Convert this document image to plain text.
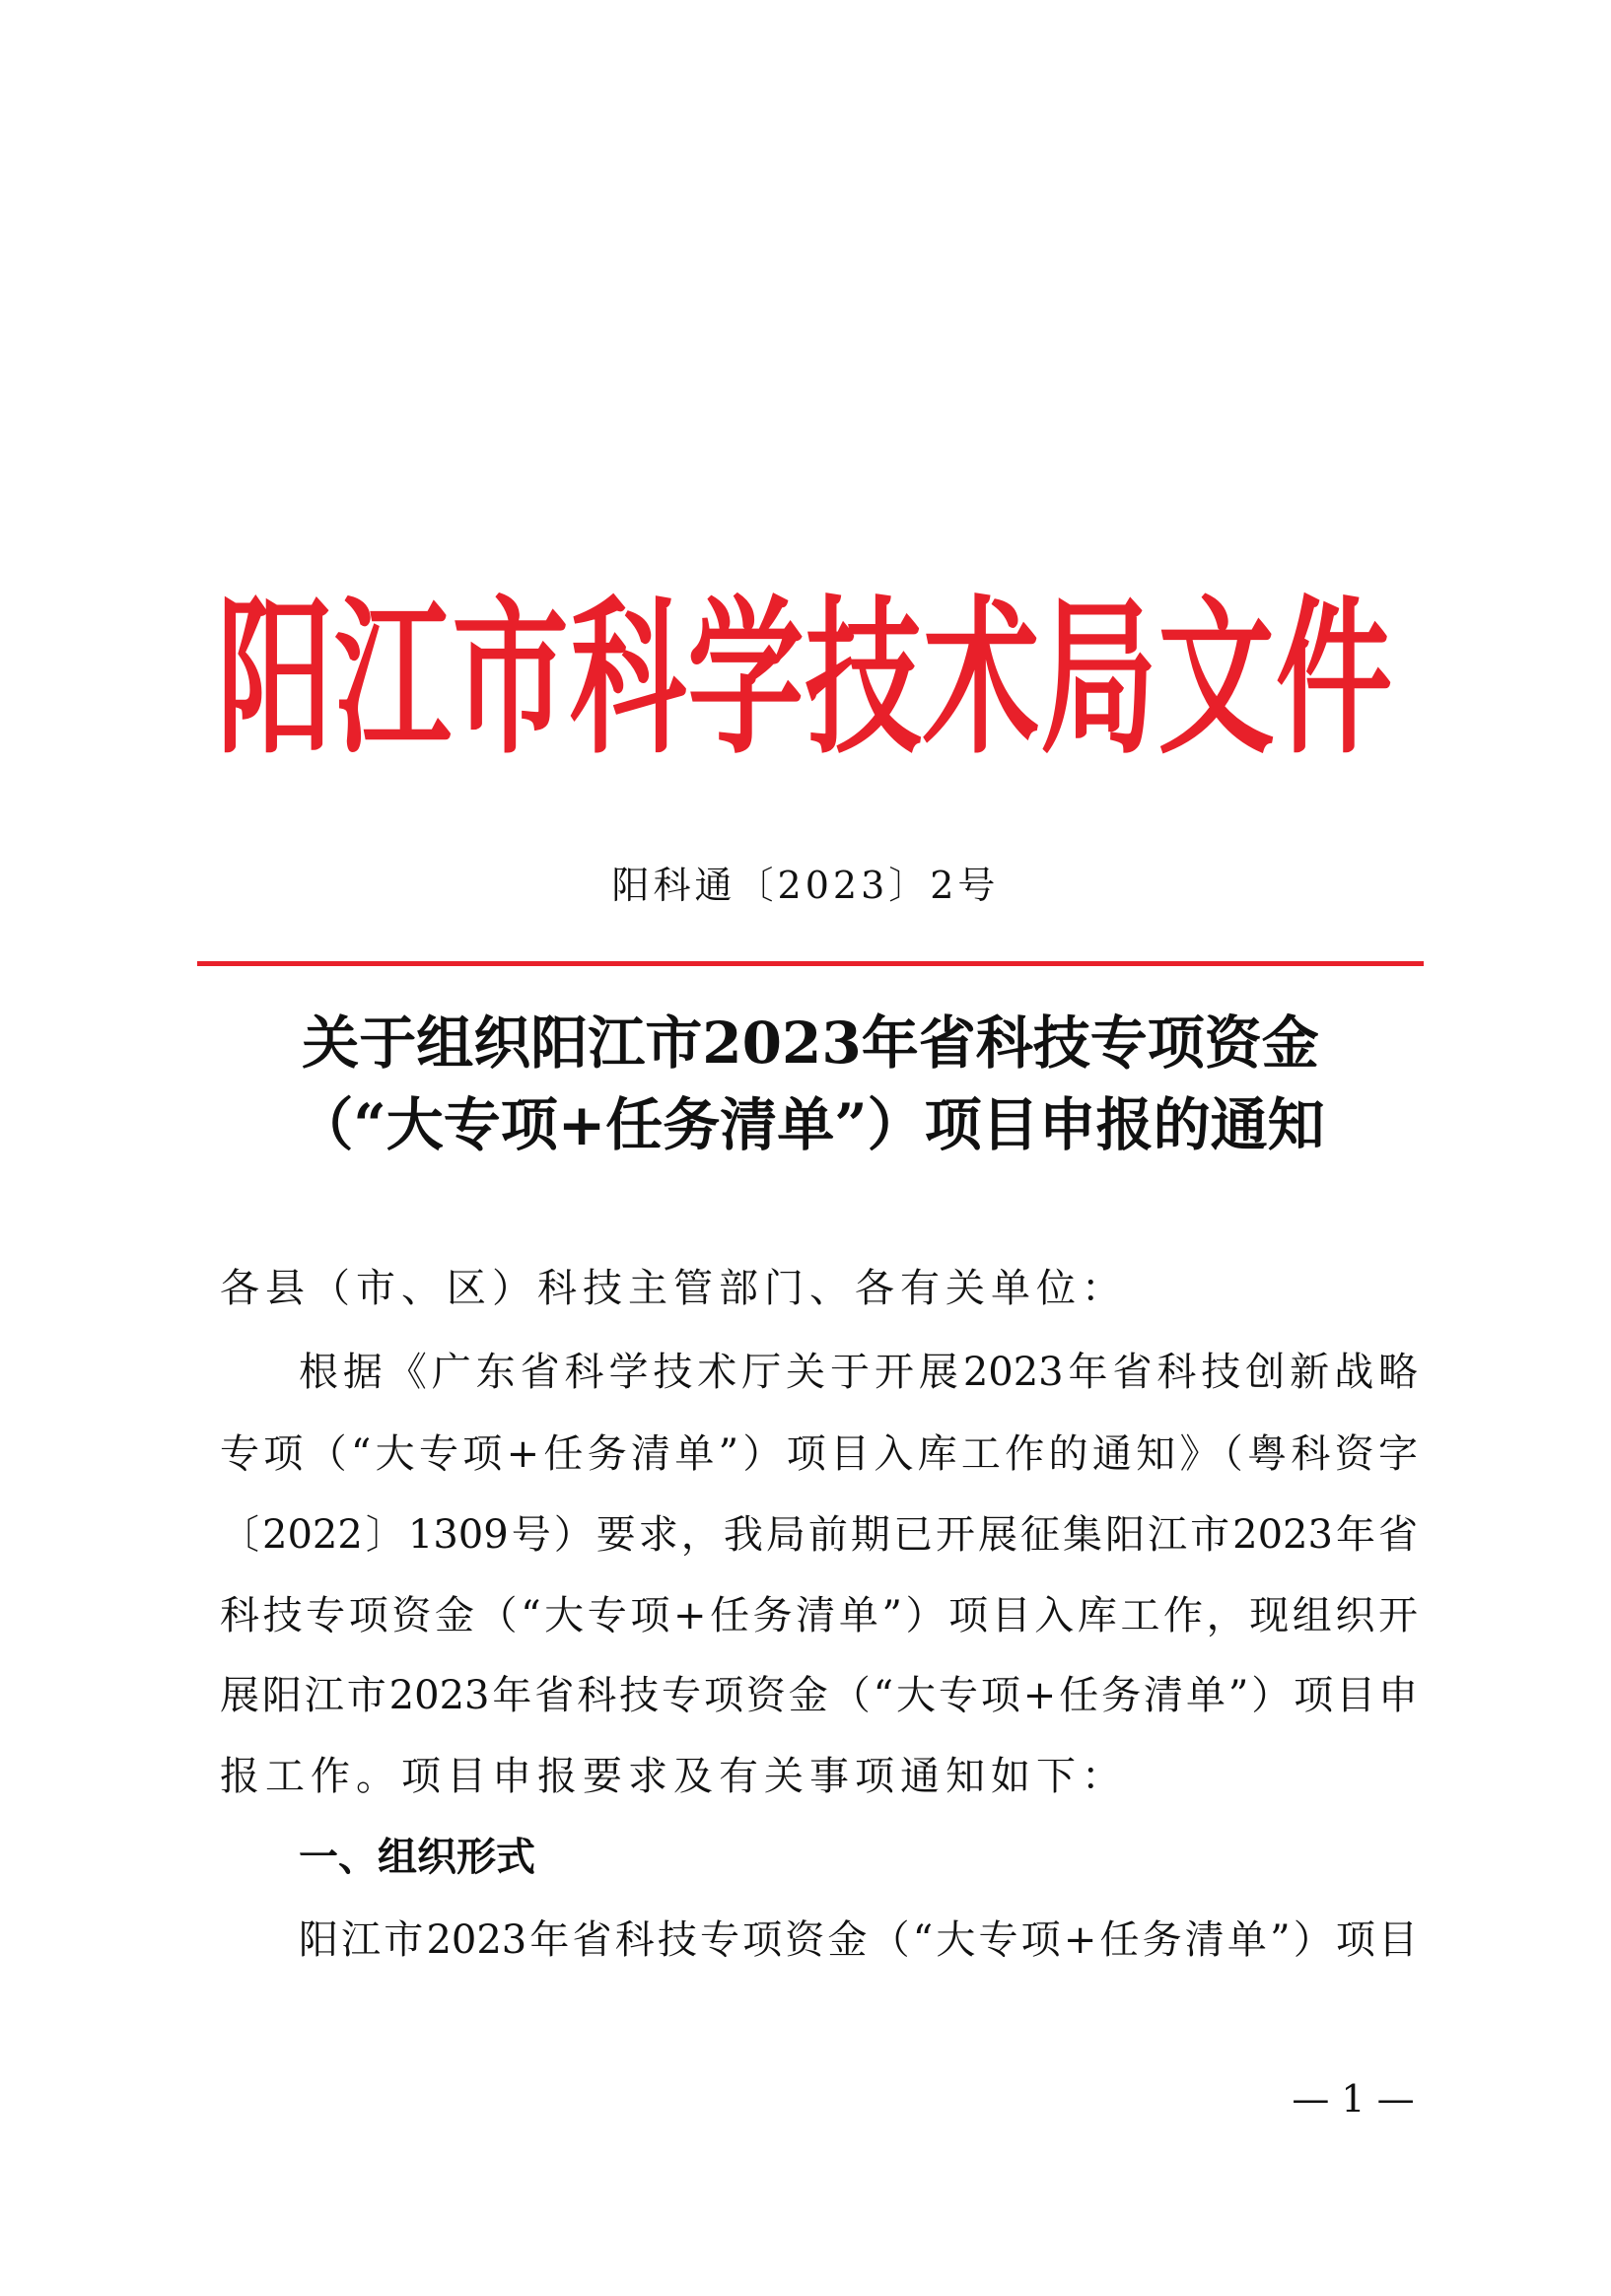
阳江市科学技术局文件
阳科通〔2023〕2号
关于组织阳江市2023年省科技专项资金
（“大专项+任务清单”）项目申报的通知
各县（市、区）科技主管部门、各有关单位：
根据《广东省科学技术厅关于开展2023年省科技创新战略
专项（“大专项+任务清单”）项目入库工作的通知》（粤科资字
〔2022〕1309号）要求，我局前期已开展征集阳江市2023年省
科技专项资金（“大专项+任务清单”）项目入库工作，现组织开
展阳江市2023年省科技专项资金（“大专项+任务清单”）项目申
报工作。项目申报要求及有关事项通知如下：
一、组织形式
阳江市2023年省科技专项资金（“大专项+任务清单”）项目
— 1 —
